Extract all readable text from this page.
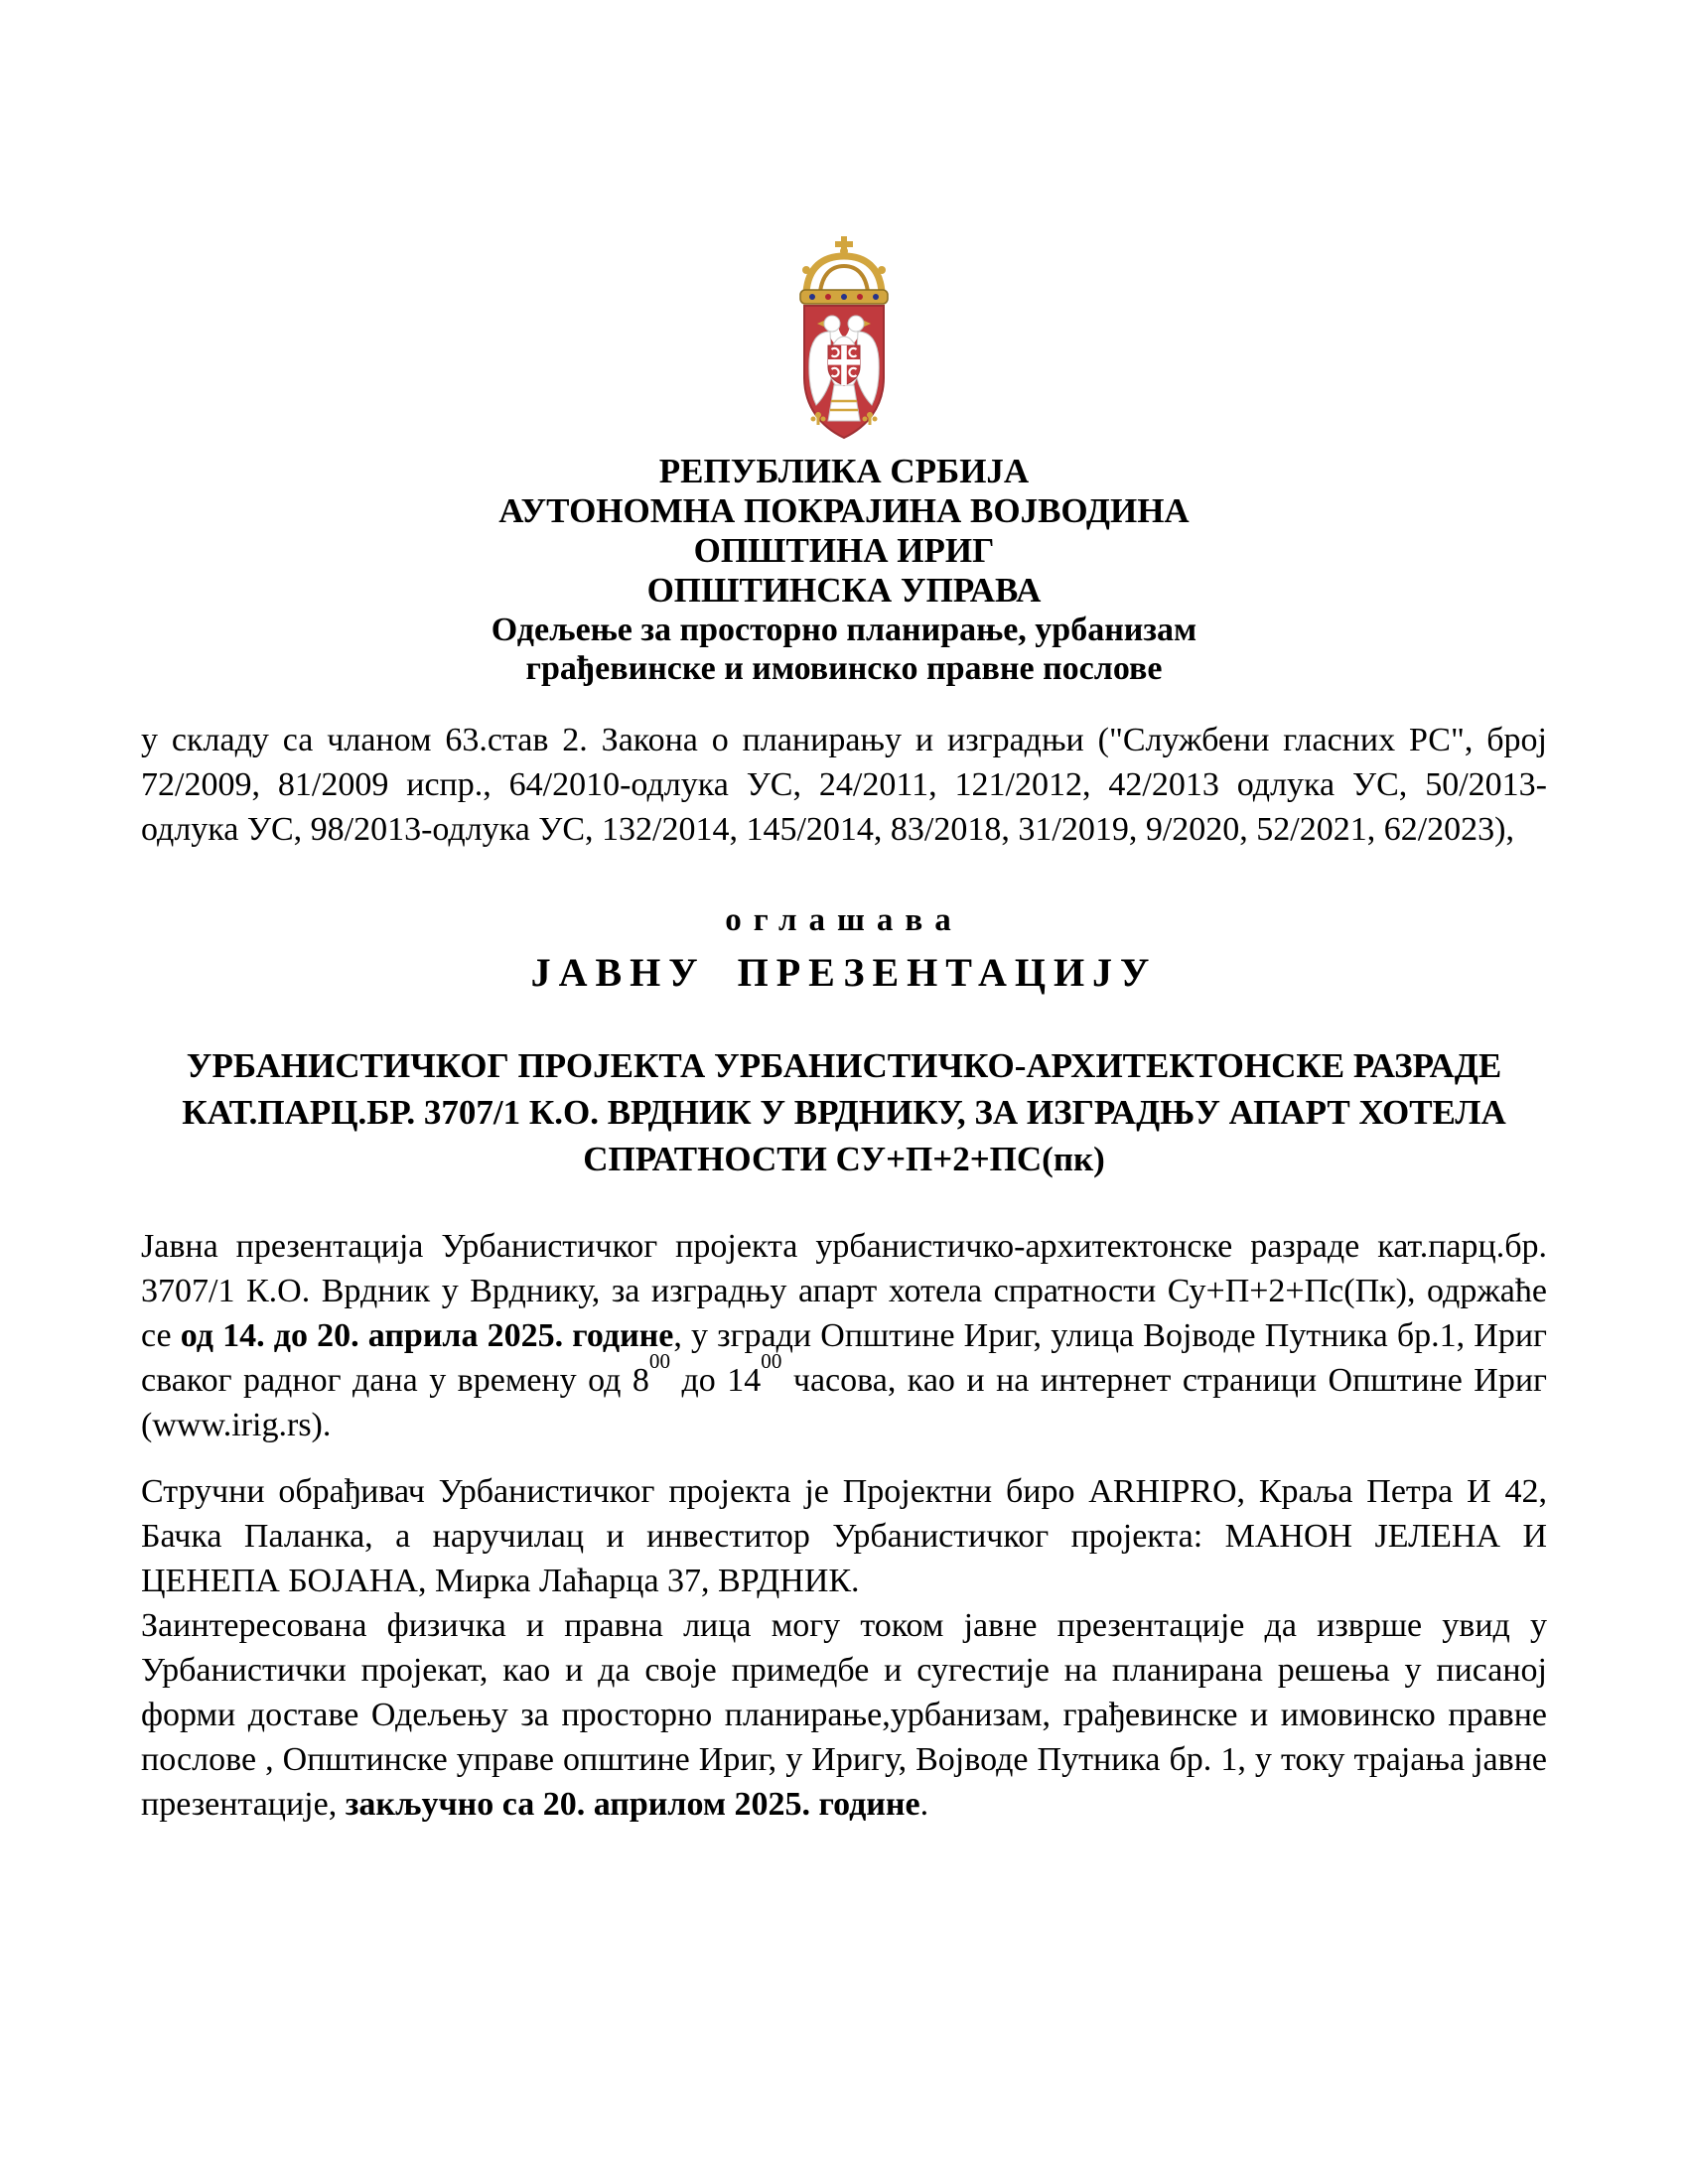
РЕПУБЛИКА СРБИЈА
АУТОНОМНА ПОКРАЈИНА ВОЈВОДИНА
ОПШТИНА ИРИГ
ОПШТИНСКА УПРАВА
Одељење за просторно планирање, урбанизам
грађевинске и имовинско правне послове

у складу са чланом 63.став 2. Закона о планирању и изградњи ("Службени гласних РС", број 72/2009, 81/2009 испр., 64/2010-одлука УС, 24/2011, 121/2012, 42/2013 одлука УС, 50/2013-одлука УС, 98/2013-одлука УС, 132/2014, 145/2014, 83/2018, 31/2019, 9/2020, 52/2021, 62/2023),

оглашава
ЈАВНУ ПРЕЗЕНТАЦИЈУ
УРБАНИСТИЧКОГ ПРОЈЕКТА УРБАНИСТИЧКО-АРХИТЕКТОНСКЕ РАЗРАДЕ
КАТ.ПАРЦ.БР. 3707/1 К.О. ВРДНИК У ВРДНИКУ, ЗА ИЗГРАДЊУ АПАРТ ХОТЕЛА
СПРАТНОСТИ СУ+П+2+ПС(пк)

Јавна презентација Урбанистичког пројекта урбанистичко-архитектонске разраде кат.парц.бр. 3707/1 К.О. Врдник у Врднику, за изградњу апарт хотела спратности Су+П+2+Пс(Пк), одржаће се од 14. до 20. априла 2025. године, у згради Општине Ириг, улица Војводе Путника бр.1, Ириг сваког радног дана у времену од $8^{00}$ до $14^{00}$ часова, као и на интернет страници Општине Ириг (www.irig.rs).

Стручни обрађивач Урбанистичког пројекта је Пројектни биро ARHIPRO, Краља Петра И 42, Бачка Паланка, а наручилац и инвеститор Урбанистичког пројекта: МАНОН ЈЕЛЕНА И ЦЕНЕПА БОЈАНА, Мирка Лаћарца 37, ВРДНИК.

Заинтересована физичка и правна лица могу током јавне презентације да изврше увид у Урбанистички пројекат, као и да своје примедбе и сугестије на планирана решења у писаној форми доставе Одељењу за просторно планирање,урбанизам, грађевинске и имовинско правне послове , Општинске управе општине Ириг, у Иригу, Војводе Путника бр. 1, у току трајања јавне презентације, закључно са 20. априлом 2025. године.
